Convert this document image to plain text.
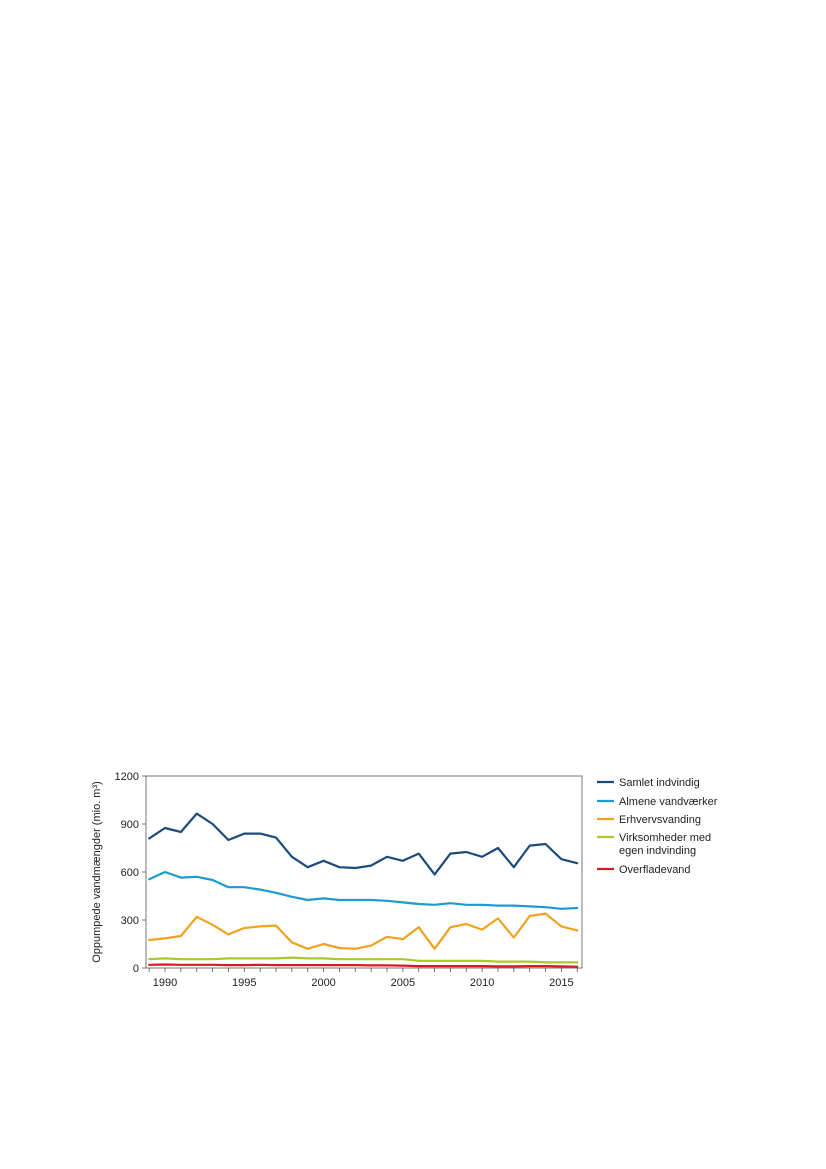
0
300
600
900
1200
1990	1995	2000	2005	2010	2015
Oppumpede vandmængder (mio. m³)	Samlet indvindig
Almene vandværker
Erhvervsvanding
Virksomheder med
egen indvinding
Overfladevand
